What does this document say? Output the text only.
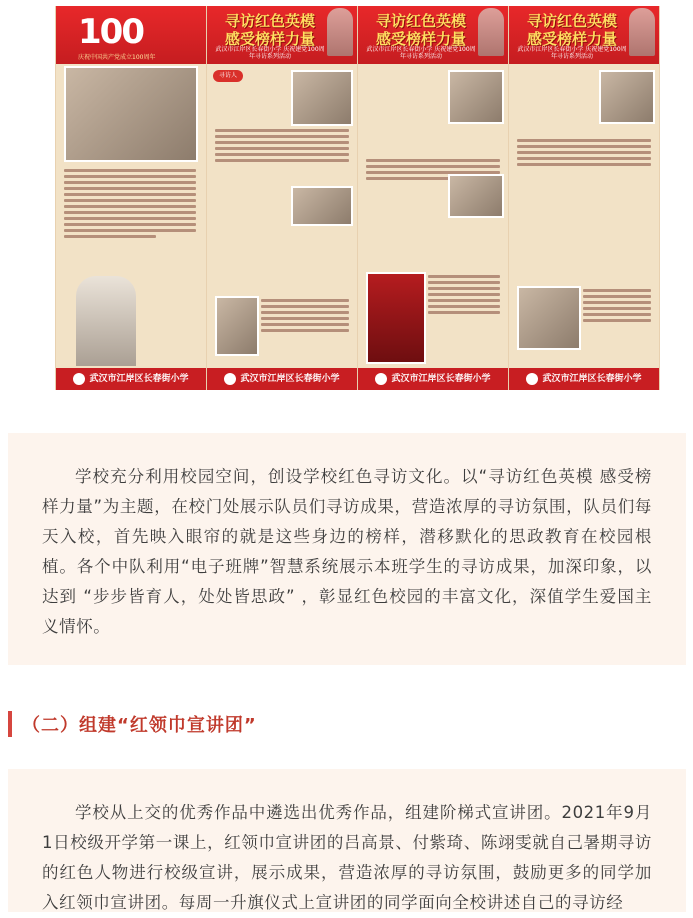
100
庆祝中国共产党成立100周年
武汉市江岸区长春街小学
寻访红色英模 感受榜样力量
武汉市江岸区长春街小学 庆祝建党100周年寻访系列活动
寻访人
武汉市江岸区长春街小学
寻访红色英模 感受榜样力量
武汉市江岸区长春街小学 庆祝建党100周年寻访系列活动
武汉市江岸区长春街小学
寻访红色英模 感受榜样力量
武汉市江岸区长春街小学 庆祝建党100周年寻访系列活动
武汉市江岸区长春街小学

学校充分利用校园空间，创设学校红色寻访文化。以“寻访红色英模 感受榜样力量”为主题，在校门处展示队员们寻访成果，营造浓厚的寻访氛围，队员们每天入校，首先映入眼帘的就是这些身边的榜样，潜移默化的思政教育在校园根植。各个中队利用“电子班牌”智慧系统展示本班学生的寻访成果，加深印象，以达到 “步步皆育人，处处皆思政” ，彰显红色校园的丰富文化，深值学生爱国主义情怀。

（二）组建“红领巾宣讲团”

学校从上交的优秀作品中遴选出优秀作品，组建阶梯式宣讲团。2021年9月1日校级开学第一课上，红领巾宣讲团的吕高景、付紫琦、陈翊雯就自己暑期寻访的红色人物进行校级宣讲，展示成果，营造浓厚的寻访氛围，鼓励更多的同学加入红领巾宣讲团。每周一升旗仪式上宣讲团的同学面向全校讲述自己的寻访经
